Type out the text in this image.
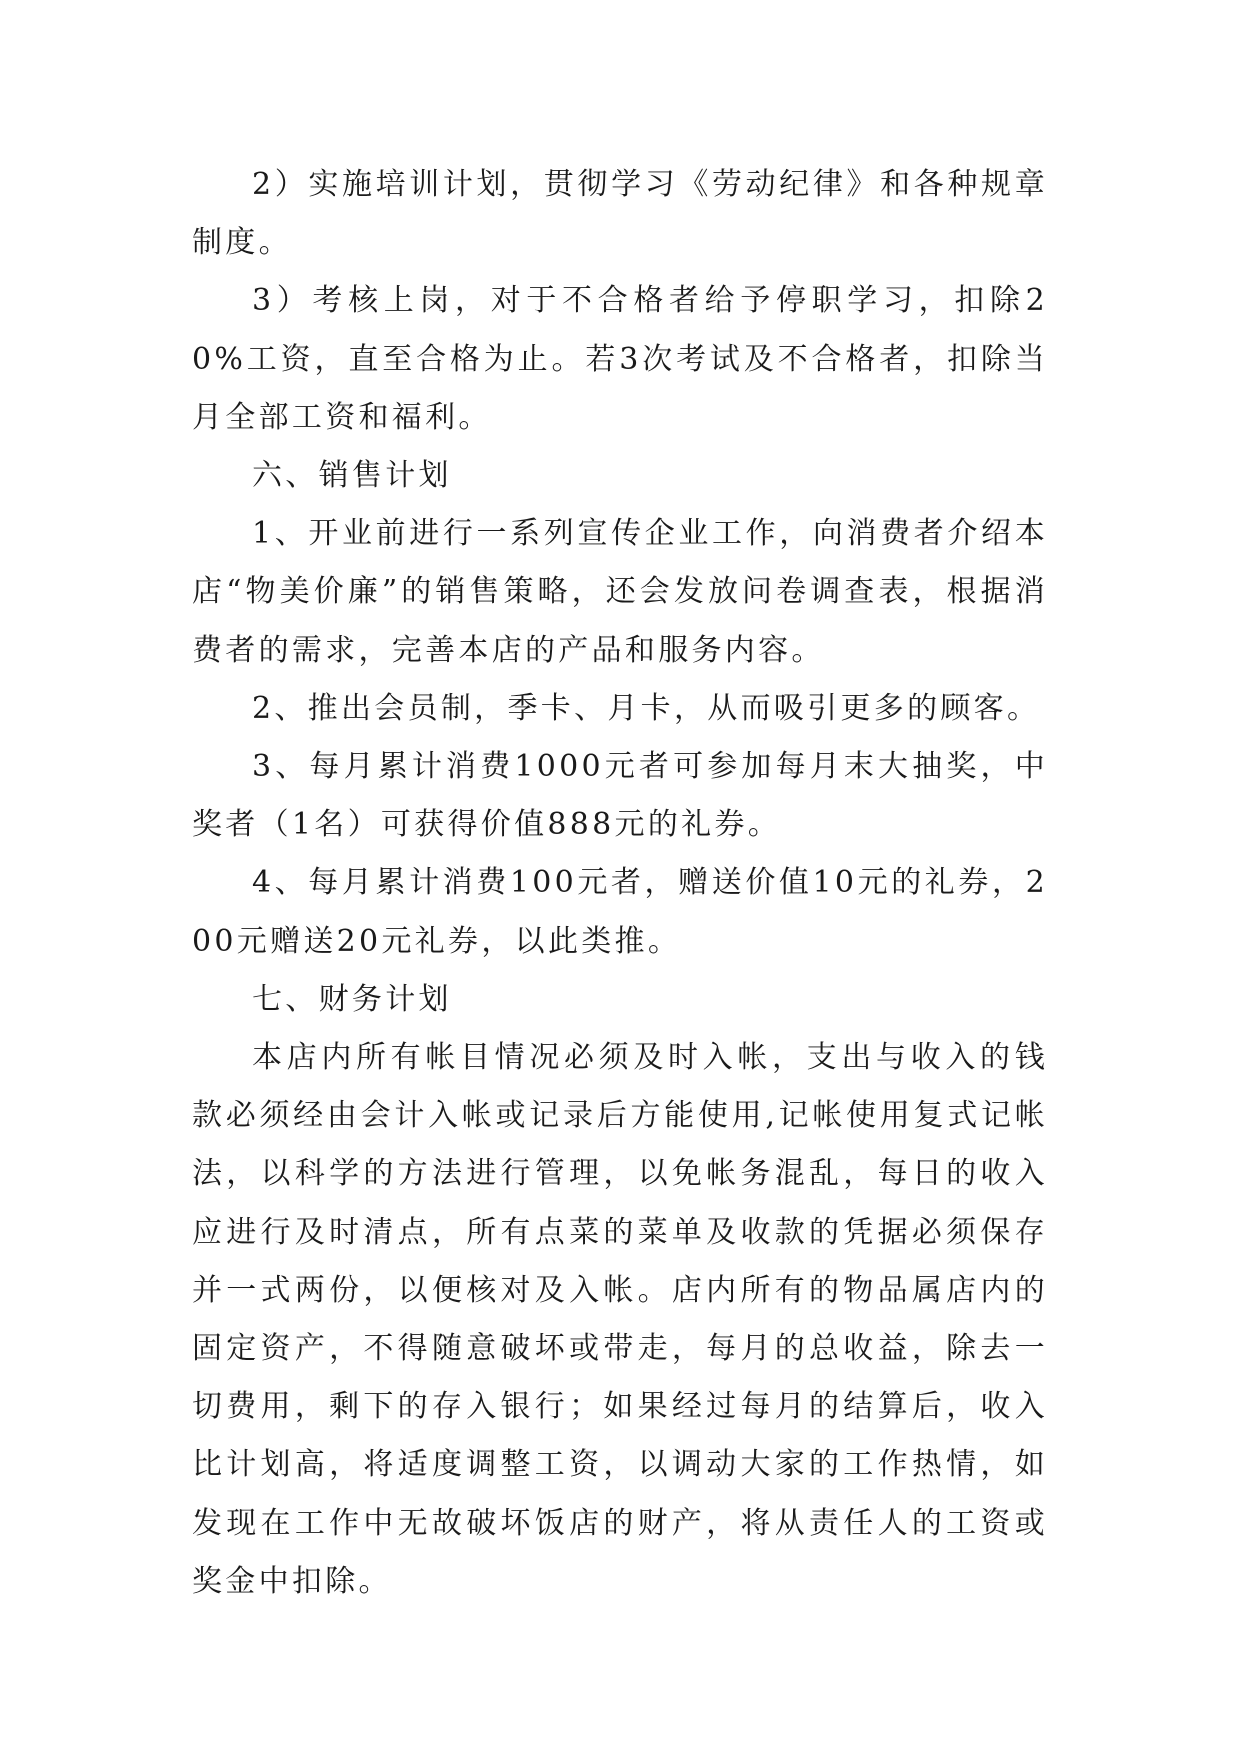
2）实施培训计划，贯彻学习《劳动纪律》和各种规章制度。

3）考核上岗，对于不合格者给予停职学习，扣除20%工资，直至合格为止。若3次考试及不合格者，扣除当月全部工资和福利。

六、销售计划

1、开业前进行一系列宣传企业工作，向消费者介绍本店“物美价廉”的销售策略，还会发放问卷调查表，根据消费者的需求，完善本店的产品和服务内容。

2、推出会员制，季卡、月卡，从而吸引更多的顾客。

3、每月累计消费1000元者可参加每月末大抽奖，中奖者（1名）可获得价值888元的礼券。

4、每月累计消费100元者，赠送价值10元的礼券，200元赠送20元礼券，以此类推。

七、财务计划

本店内所有帐目情况必须及时入帐，支出与收入的钱款必须经由会计入帐或记录后方能使用,记帐使用复式记帐法，以科学的方法进行管理，以免帐务混乱，每日的收入应进行及时清点，所有点菜的菜单及收款的凭据必须保存并一式两份，以便核对及入帐。店内所有的物品属店内的固定资产，不得随意破坏或带走，每月的总收益，除去一切费用，剩下的存入银行；如果经过每月的结算后，收入比计划高，将适度调整工资，以调动大家的工作热情，如发现在工作中无故破坏饭店的财产，将从责任人的工资或奖金中扣除。
